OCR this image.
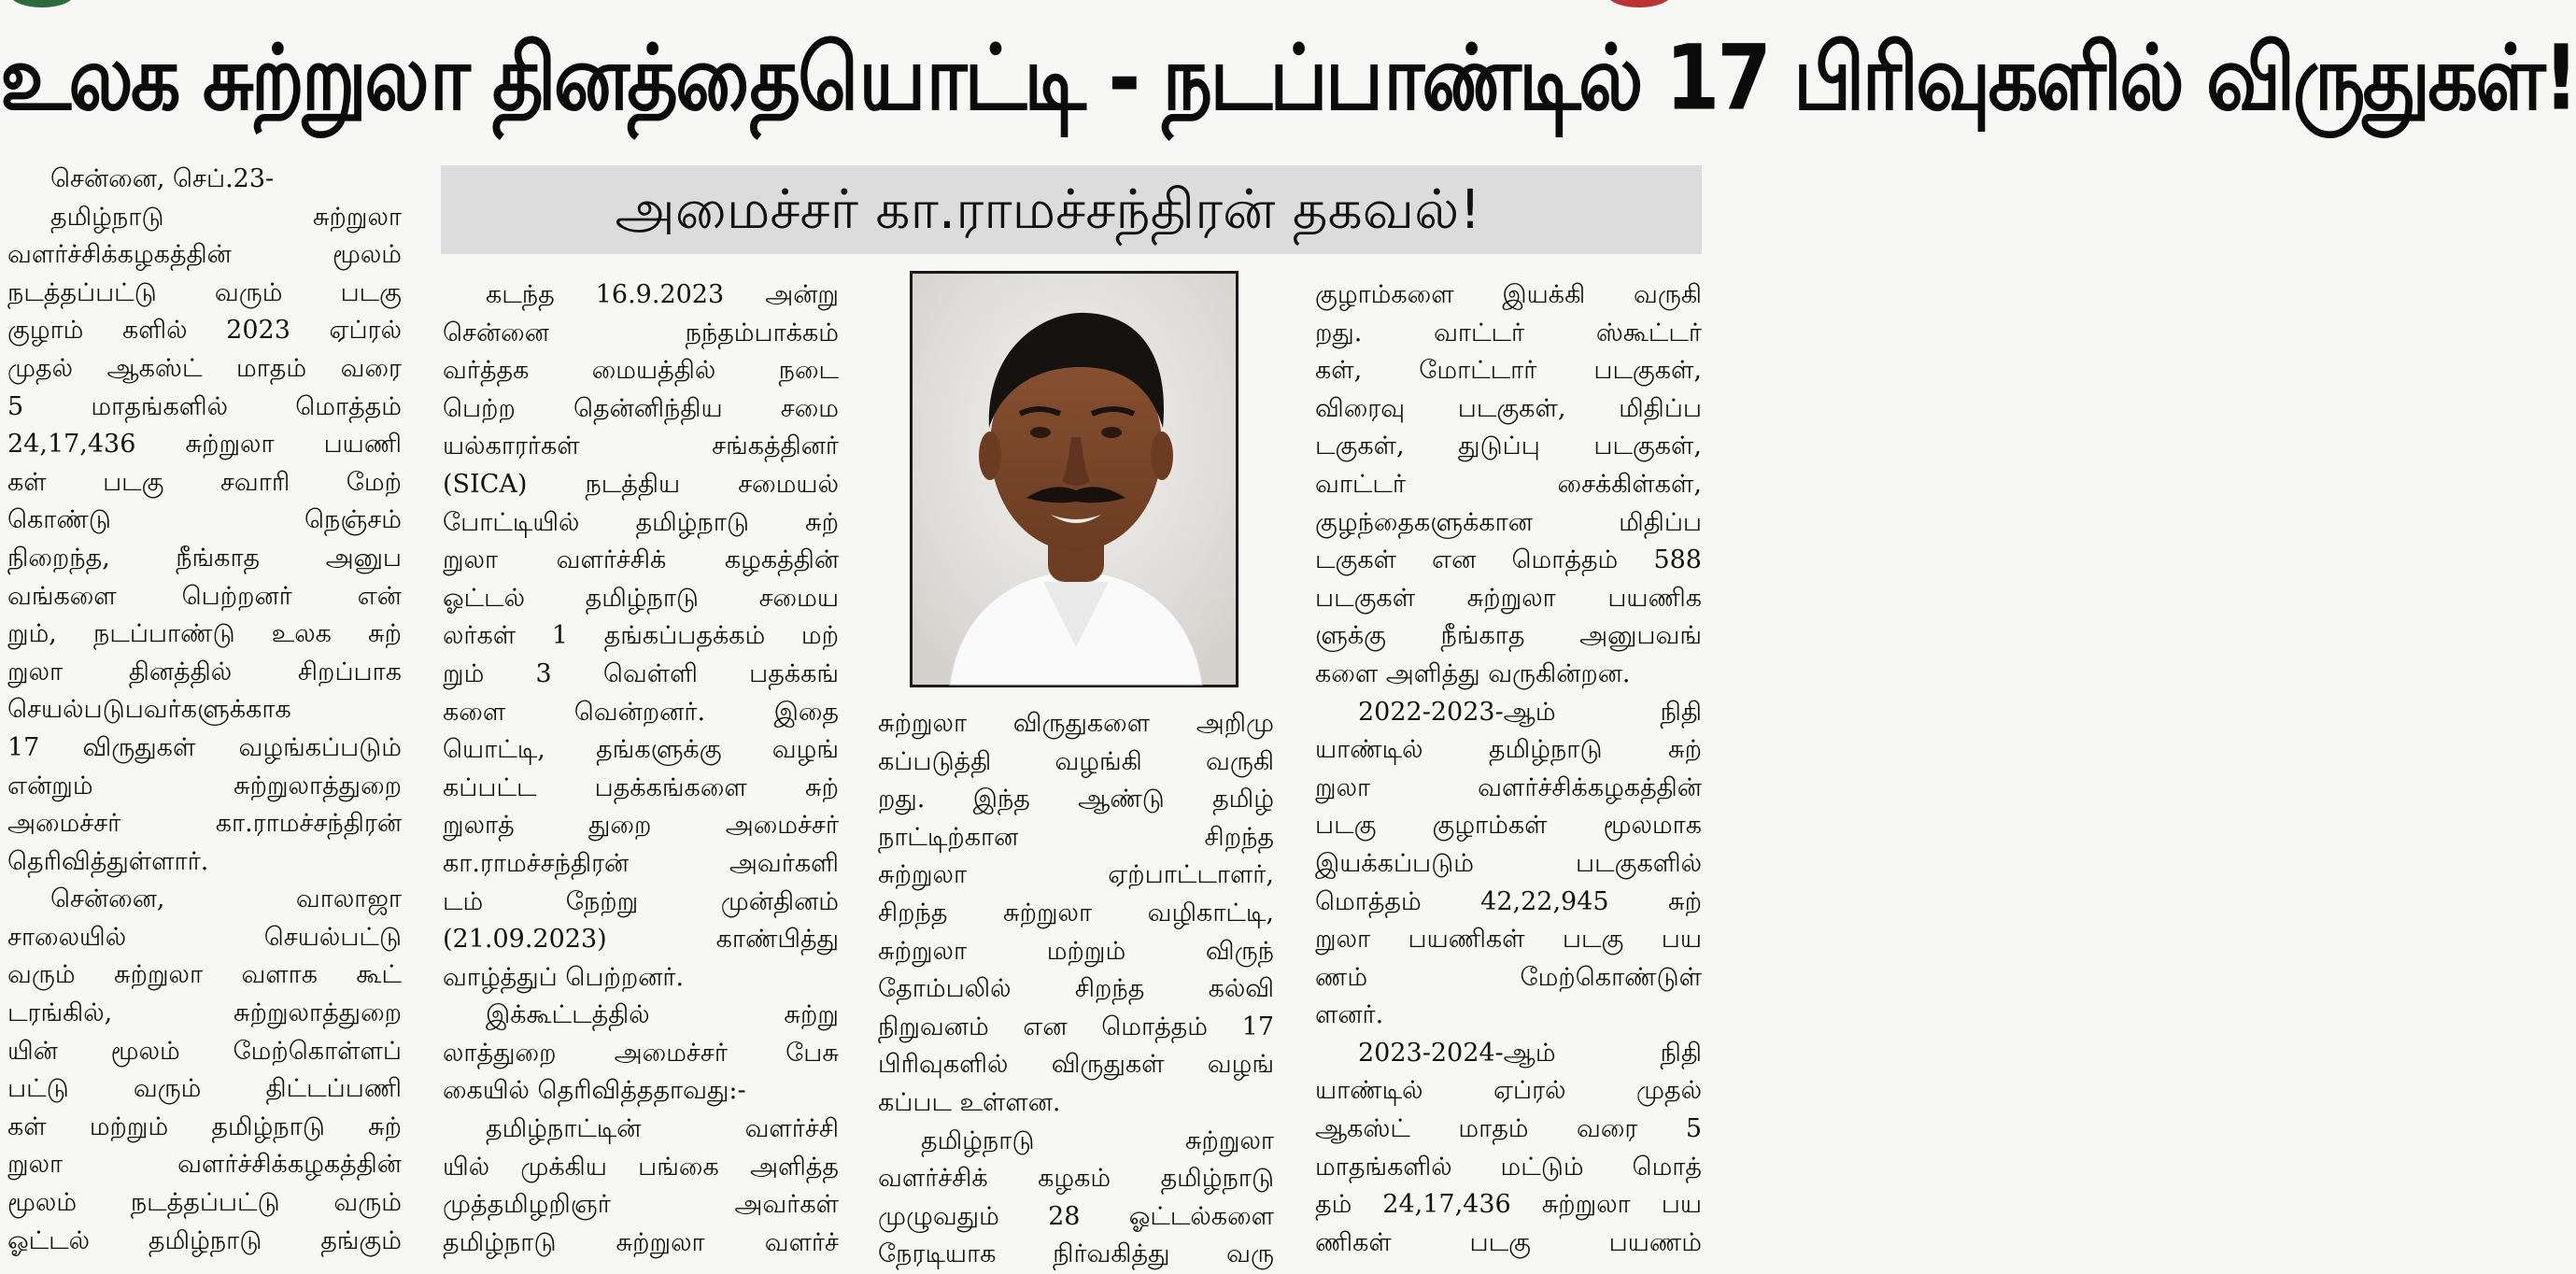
உலக சுற்றுலா தினத்தையொட்டி - நடப்பாண்டில் 17 பிரிவுகளில் விருதுகள்!
அமைச்சர் கா.ராமச்சந்திரன் தகவல்!
சென்னை, செப்.23-
தமிழ்நாடு சுற்றுலா
வளர்ச்சிக்கழகத்தின் மூலம்
நடத்தப்பட்டு வரும் படகு
குழாம் களில் 2023 ஏப்ரல்
முதல் ஆகஸ்ட் மாதம் வரை
5 மாதங்களில் மொத்தம்
24,17,436 சுற்றுலா பயணி
கள் படகு சவாரி மேற்
கொண்டு நெஞ்சம்
நிறைந்த, நீங்காத அனுப
வங்களை பெற்றனர் என்
றும், நடப்பாண்டு உலக சுற்
றுலா தினத்தில் சிறப்பாக
செயல்படுபவர்களுக்காக
17 விருதுகள் வழங்கப்படும்
என்றும் சுற்றுலாத்துறை
அமைச்சர் கா.ராமச்சந்திரன்
தெரிவித்துள்ளார்.
சென்னை, வாலாஜா
சாலையில் செயல்பட்டு
வரும் சுற்றுலா வளாக கூட்
டரங்கில், சுற்றுலாத்துறை
யின் மூலம் மேற்கொள்ளப்
பட்டு வரும் திட்டப்பணி
கள் மற்றும் தமிழ்நாடு சுற்
றுலா வளர்ச்சிக்கழகத்தின்
மூலம் நடத்தப்பட்டு வரும்
ஓட்டல் தமிழ்நாடு தங்கும்
கடந்த 16.9.2023 அன்று
சென்னை நந்தம்பாக்கம்
வர்த்தக மையத்தில் நடை
பெற்ற தென்னிந்திய சமை
யல்காரர்கள் சங்கத்தினர்
(SICA) நடத்திய சமையல்
போட்டியில் தமிழ்நாடு சுற்
றுலா வளர்ச்சிக் கழகத்தின்
ஓட்டல் தமிழ்நாடு சமைய
லர்கள் 1 தங்கப்பதக்கம் மற்
றும் 3 வெள்ளி பதக்கங்
களை வென்றனர். இதை
யொட்டி, தங்களுக்கு வழங்
கப்பட்ட பதக்கங்களை சுற்
றுலாத் துறை அமைச்சர்
கா.ராமச்சந்திரன் அவர்களி
டம் நேற்று முன்தினம்
(21.09.2023) காண்பித்து
வாழ்த்துப் பெற்றனர்.
இக்கூட்டத்தில் சுற்று
லாத்துறை அமைச்சர் பேசு
கையில் தெரிவித்ததாவது:-
தமிழ்நாட்டின் வளர்ச்சி
யில் முக்கிய பங்கை அளித்த
முத்தமிழறிஞர் அவர்கள்
தமிழ்நாடு சுற்றுலா வளர்ச்
சுற்றுலா விருதுகளை அறிமு
கப்படுத்தி வழங்கி வருகி
றது. இந்த ஆண்டு தமிழ்
நாட்டிற்கான சிறந்த
சுற்றுலா ஏற்பாட்டாளர்,
சிறந்த சுற்றுலா வழிகாட்டி,
சுற்றுலா மற்றும் விருந்
தோம்பலில் சிறந்த கல்வி
நிறுவனம் என மொத்தம் 17
பிரிவுகளில் விருதுகள் வழங்
கப்பட உள்ளன.
தமிழ்நாடு சுற்றுலா
வளர்ச்சிக் கழகம் தமிழ்நாடு
முழுவதும் 28 ஓட்டல்களை
நேரடியாக நிர்வகித்து வரு
குழாம்களை இயக்கி வருகி
றது. வாட்டர் ஸ்கூட்டர்
கள், மோட்டார் படகுகள்,
விரைவு படகுகள், மிதிப்ப
டகுகள், துடுப்பு படகுகள்,
வாட்டர் சைக்கிள்கள்,
குழந்தைகளுக்கான மிதிப்ப
டகுகள் என மொத்தம் 588
படகுகள் சுற்றுலா பயணிக
ளுக்கு நீங்காத அனுபவங்
களை அளித்து வருகின்றன.
2022-2023-ஆம் நிதி
யாண்டில் தமிழ்நாடு சுற்
றுலா வளர்ச்சிக்கழகத்தின்
படகு குழாம்கள் மூலமாக
இயக்கப்படும் படகுகளில்
மொத்தம் 42,22,945 சுற்
றுலா பயணிகள் படகு பய
ணம் மேற்கொண்டுள்
ளனர்.
2023-2024-ஆம் நிதி
யாண்டில் ஏப்ரல் முதல்
ஆகஸ்ட் மாதம் வரை 5
மாதங்களில் மட்டும் மொத்
தம் 24,17,436 சுற்றுலா பய
ணிகள் படகு பயணம்
